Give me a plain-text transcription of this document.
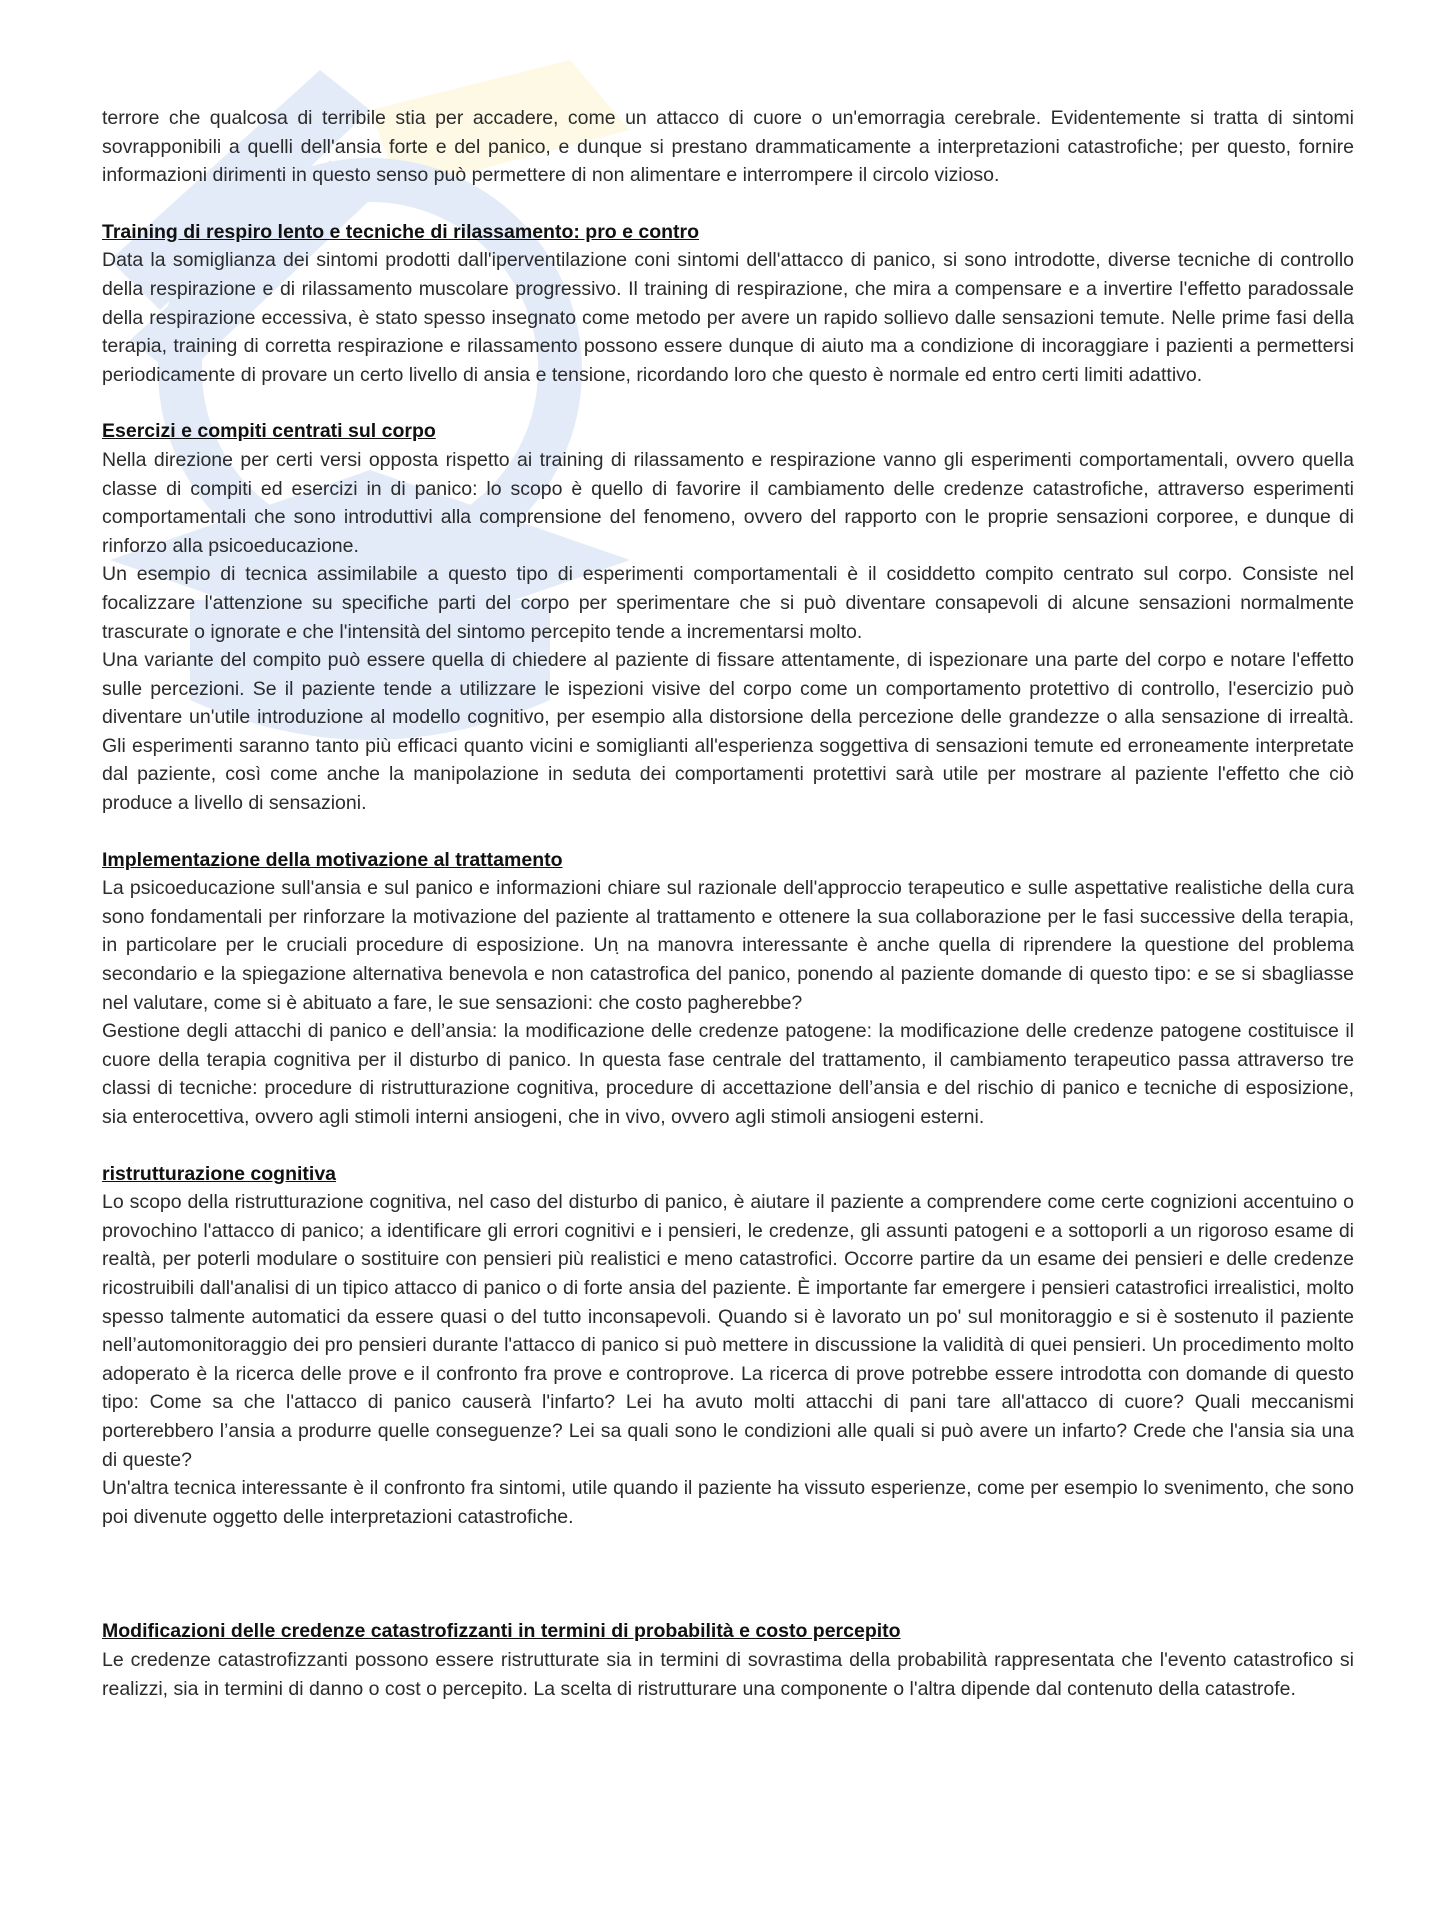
terrore che qualcosa di terribile stia per accadere, come un attacco di cuore o un'emorragia cerebrale. Evidentemente si tratta di sintomi sovrapponibili a quelli dell'ansia forte e del panico, e dunque si prestano drammaticamente a interpretazioni catastrofiche; per questo, fornire informazioni dirimenti in questo senso può permettere di non alimentare e interrompere il circolo vizioso.

Training di respiro lento e tecniche di rilassamento: pro e contro

Data la somiglianza dei sintomi prodotti dall'iperventilazione coni sintomi dell'attacco di panico, si sono introdotte, diverse tecniche di controllo della respirazione e di rilassamento muscolare progressivo. Il training di respirazione, che mira a compensare e a invertire l'effetto paradossale della respirazione eccessiva, è stato spesso insegnato come metodo per avere un rapido sollievo dalle sensazioni temute. Nelle prime fasi della terapia, training di corretta respirazione e rilassamento possono essere dunque di aiuto ma a condizione di incoraggiare i pazienti a permettersi periodicamente di provare un certo livello di ansia e tensione, ricordando loro che questo è normale ed entro certi limiti adattivo.

Esercizi e compiti centrati sul corpo

Nella direzione per certi versi opposta rispetto ai training di rilassamento e respirazione vanno gli esperimenti comportamentali, ovvero quella classe di compiti ed esercizi in di panico: lo scopo è quello di favorire il cambiamento delle credenze catastrofiche, attraverso esperimenti comportamentali che sono introduttivi alla comprensione del fenomeno, ovvero del rapporto con le proprie sensazioni corporee, e dunque di rinforzo alla psicoeducazione.

Un esempio di tecnica assimilabile a questo tipo di esperimenti comportamentali è il cosiddetto compito centrato sul corpo. Consiste nel focalizzare l'attenzione su specifiche parti del corpo per sperimentare che si può diventare consapevoli di alcune sensazioni normalmente trascurate o ignorate e che l'intensità del sintomo percepito tende a incrementarsi molto.

Una variante del compito può essere quella di chiedere al paziente di fissare attentamente, di ispezionare una parte del corpo e notare l'effetto sulle percezioni. Se il paziente tende a utilizzare le ispezioni visive del corpo come un comportamento protettivo di controllo, l'esercizio può diventare un'utile introduzione al modello cognitivo, per esempio alla distorsione della percezione delle grandezze o alla sensazione di irrealtà. Gli esperimenti saranno tanto più efficaci quanto vicini e somiglianti all'esperienza soggettiva di sensazioni temute ed erroneamente interpretate dal paziente, così come anche la manipolazione in seduta dei comportamenti protettivi sarà utile per mostrare al paziente l'effetto che ciò produce a livello di sensazioni.

Implementazione della motivazione al trattamento

La psicoeducazione sull'ansia e sul panico e informazioni chiare sul razionale dell'approccio terapeutico e sulle aspettative realistiche della cura sono fondamentali per rinforzare la motivazione del paziente al trattamento e ottenere la sua collaborazione per le fasi successive della terapia, in particolare per le cruciali procedure di esposizione. Un ̣na manovra interessante è anche quella di riprendere la questione del problema secondario e la spiegazione alternativa benevola e non catastrofica del panico, ponendo al paziente domande di questo tipo: e se si sbagliasse nel valutare, come si è abituato a fare, le sue sensazioni: che costo pagherebbe?

Gestione degli attacchi di panico e dell’ansia: la modificazione delle credenze patogene: la modificazione delle credenze patogene costituisce il cuore della terapia cognitiva per il disturbo di panico. In questa fase centrale del trattamento, il cambiamento terapeutico passa attraverso tre classi di tecniche: procedure di ristrutturazione cognitiva, procedure di accettazione dell’ansia e del rischio di panico e tecniche di esposizione, sia enterocettiva, ovvero agli stimoli interni ansiogeni, che in vivo, ovvero agli stimoli ansiogeni esterni.

ristrutturazione cognitiva

Lo scopo della ristrutturazione cognitiva, nel caso del disturbo di panico, è aiutare il paziente a comprendere come certe cognizioni accentuino o provochino l'attacco di panico; a identificare gli errori cognitivi e i pensieri, le credenze, gli assunti patogeni e a sottoporli a un rigoroso esame di realtà, per poterli modulare o sostituire con pensieri più realistici e meno catastrofici. Occorre partire da un esame dei pensieri e delle credenze ricostruibili dall'analisi di un tipico attacco di panico o di forte ansia del paziente. È importante far emergere i pensieri catastrofici irrealistici, molto spesso talmente automatici da essere quasi o del tutto inconsapevoli. Quando si è lavorato un po' sul monitoraggio e si è sostenuto il paziente nell’automonitoraggio dei pro pensieri durante l'attacco di panico si può mettere in discussione la validità di quei pensieri. Un procedimento molto adoperato è la ricerca delle prove e il confronto fra prove e controprove. La ricerca di prove potrebbe essere introdotta con domande di questo tipo: Come sa che l'attacco di panico causerà l'infarto? Lei ha avuto molti attacchi di pani tare all'attacco di cuore? Quali meccanismi porterebbero l’ansia a produrre quelle conseguenze? Lei sa quali sono le condizioni alle quali si può avere un infarto? Crede che l'ansia sia una di queste?

Un'altra tecnica interessante è il confronto fra sintomi, utile quando il paziente ha vissuto esperienze, come per esempio lo svenimento, che sono poi divenute oggetto delle interpretazioni catastrofiche.

Modificazioni delle credenze catastrofizzanti in termini di probabilità e costo percepito

Le credenze catastrofizzanti possono essere ristrutturate sia in termini di sovrastima della probabilità rappresentata che l'evento catastrofico si realizzi, sia in termini di danno o cost o percepito. La scelta di ristrutturare una componente o l'altra dipende dal contenuto della catastrofe.
